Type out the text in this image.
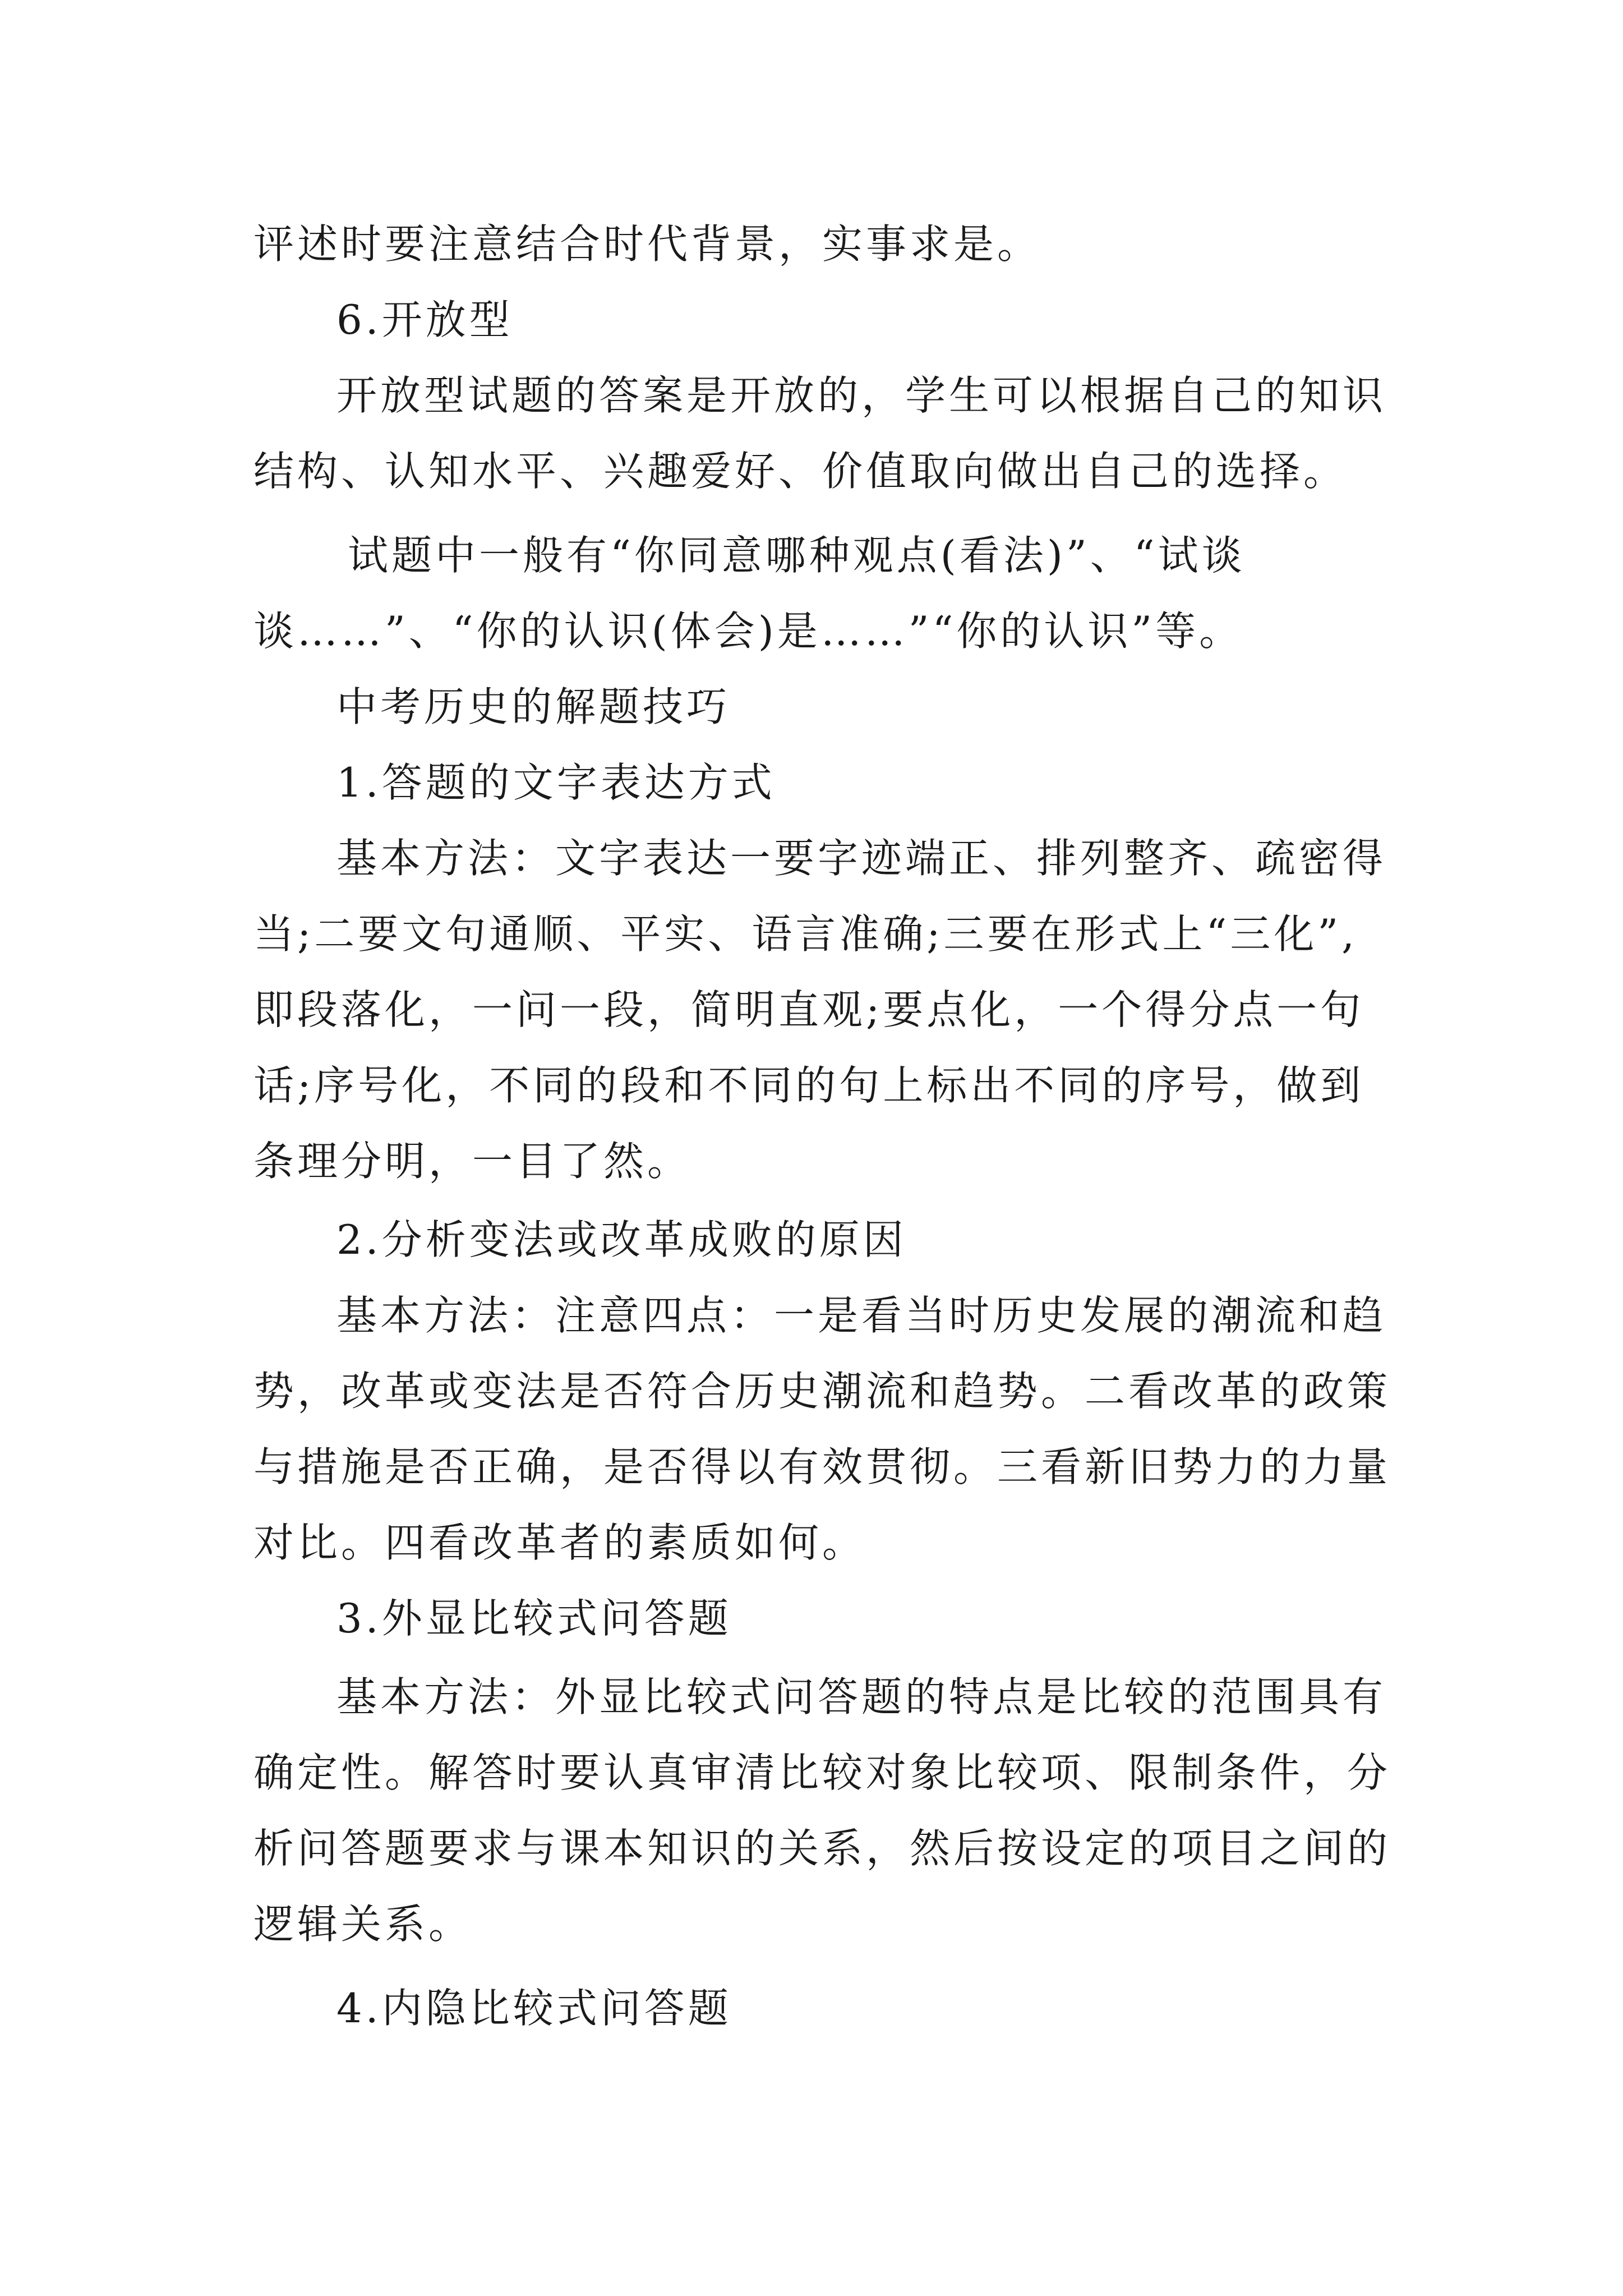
评述时要注意结合时代背景，实事求是。
6.开放型
开放型试题的答案是开放的，学生可以根据自己的知识
结构、认知水平、兴趣爱好、价值取向做出自己的选择。
试题中一般有“你同意哪种观点(看法)”、“试谈
谈……”、“你的认识(体会)是……”“你的认识”等。
中考历史的解题技巧
1.答题的文字表达方式
基本方法：文字表达一要字迹端正、排列整齐、疏密得
当;二要文句通顺、平实、语言准确;三要在形式上“三化”,
即段落化，一问一段，简明直观;要点化，一个得分点一句
话;序号化，不同的段和不同的句上标出不同的序号，做到
条理分明，一目了然。
2.分析变法或改革成败的原因
基本方法：注意四点：一是看当时历史发展的潮流和趋
势，改革或变法是否符合历史潮流和趋势。二看改革的政策
与措施是否正确，是否得以有效贯彻。三看新旧势力的力量
对比。四看改革者的素质如何。
3.外显比较式问答题
基本方法：外显比较式问答题的特点是比较的范围具有
确定性。解答时要认真审清比较对象比较项、限制条件，分
析问答题要求与课本知识的关系，然后按设定的项目之间的
逻辑关系。
4.内隐比较式问答题
